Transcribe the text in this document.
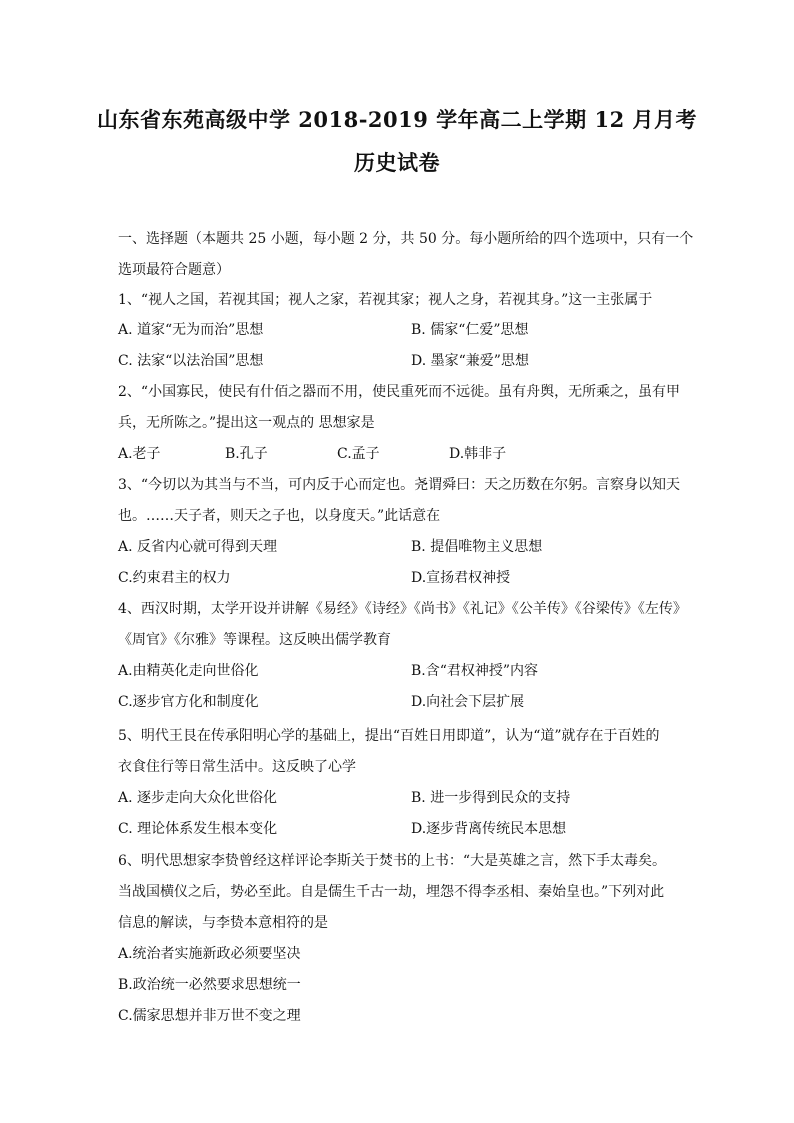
山东省东苑高级中学 2018-2019 学年高二上学期 12 月月考
历史试卷
一、选择题（本题共 25 小题，每小题 2 分，共 50 分。每小题所给的四个选项中，只有一个
选项最符合题意）
1、“视人之国，若视其国；视人之家，若视其家；视人之身，若视其身。”这一主张属于
A. 道家“无为而治”思想	B. 儒家“仁爱”思想
C. 法家“以法治国”思想	D. 墨家“兼爱”思想
2、“小国寡民，使民有什佰之器而不用，使民重死而不远徙。虽有舟舆，无所乘之，虽有甲
兵，无所陈之。”提出这一观点的 思想家是
A.老子	B.孔子	C.孟子	D.韩非子
3、“今切以为其当与不当，可内反于心而定也。尧谓舜曰：天之历数在尔躬。言察身以知天
也。……天子者，则天之子也，以身度天。”此话意在
A. 反省内心就可得到天理	B. 提倡唯物主义思想
C.约束君主的权力	D.宣扬君权神授
4、西汉时期，太学开设并讲解《易经》《诗经》《尚书》《礼记》《公羊传》《谷梁传》《左传》
《周官》《尔雅》等课程。这反映出儒学教育
A.由精英化走向世俗化	B.含“君权神授”内容
C.逐步官方化和制度化	D.向社会下层扩展
5、明代王艮在传承阳明心学的基础上，提出“百姓日用即道”，认为“道”就存在于百姓的
衣食住行等日常生活中。这反映了心学
A. 逐步走向大众化世俗化	B. 进一步得到民众的支持
C. 理论体系发生根本变化	D.逐步背离传统民本思想
6、明代思想家李贽曾经这样评论李斯关于焚书的上书：“大是英雄之言，然下手太毒矣。
当战国横仪之后，势必至此。自是儒生千古一劫，埋怨不得李丞相、秦始皇也。”下列对此
信息的解读，与李贽本意相符的是
A.统治者实施新政必须要坚决
B.政治统一必然要求思想统一
C.儒家思想并非万世不变之理
